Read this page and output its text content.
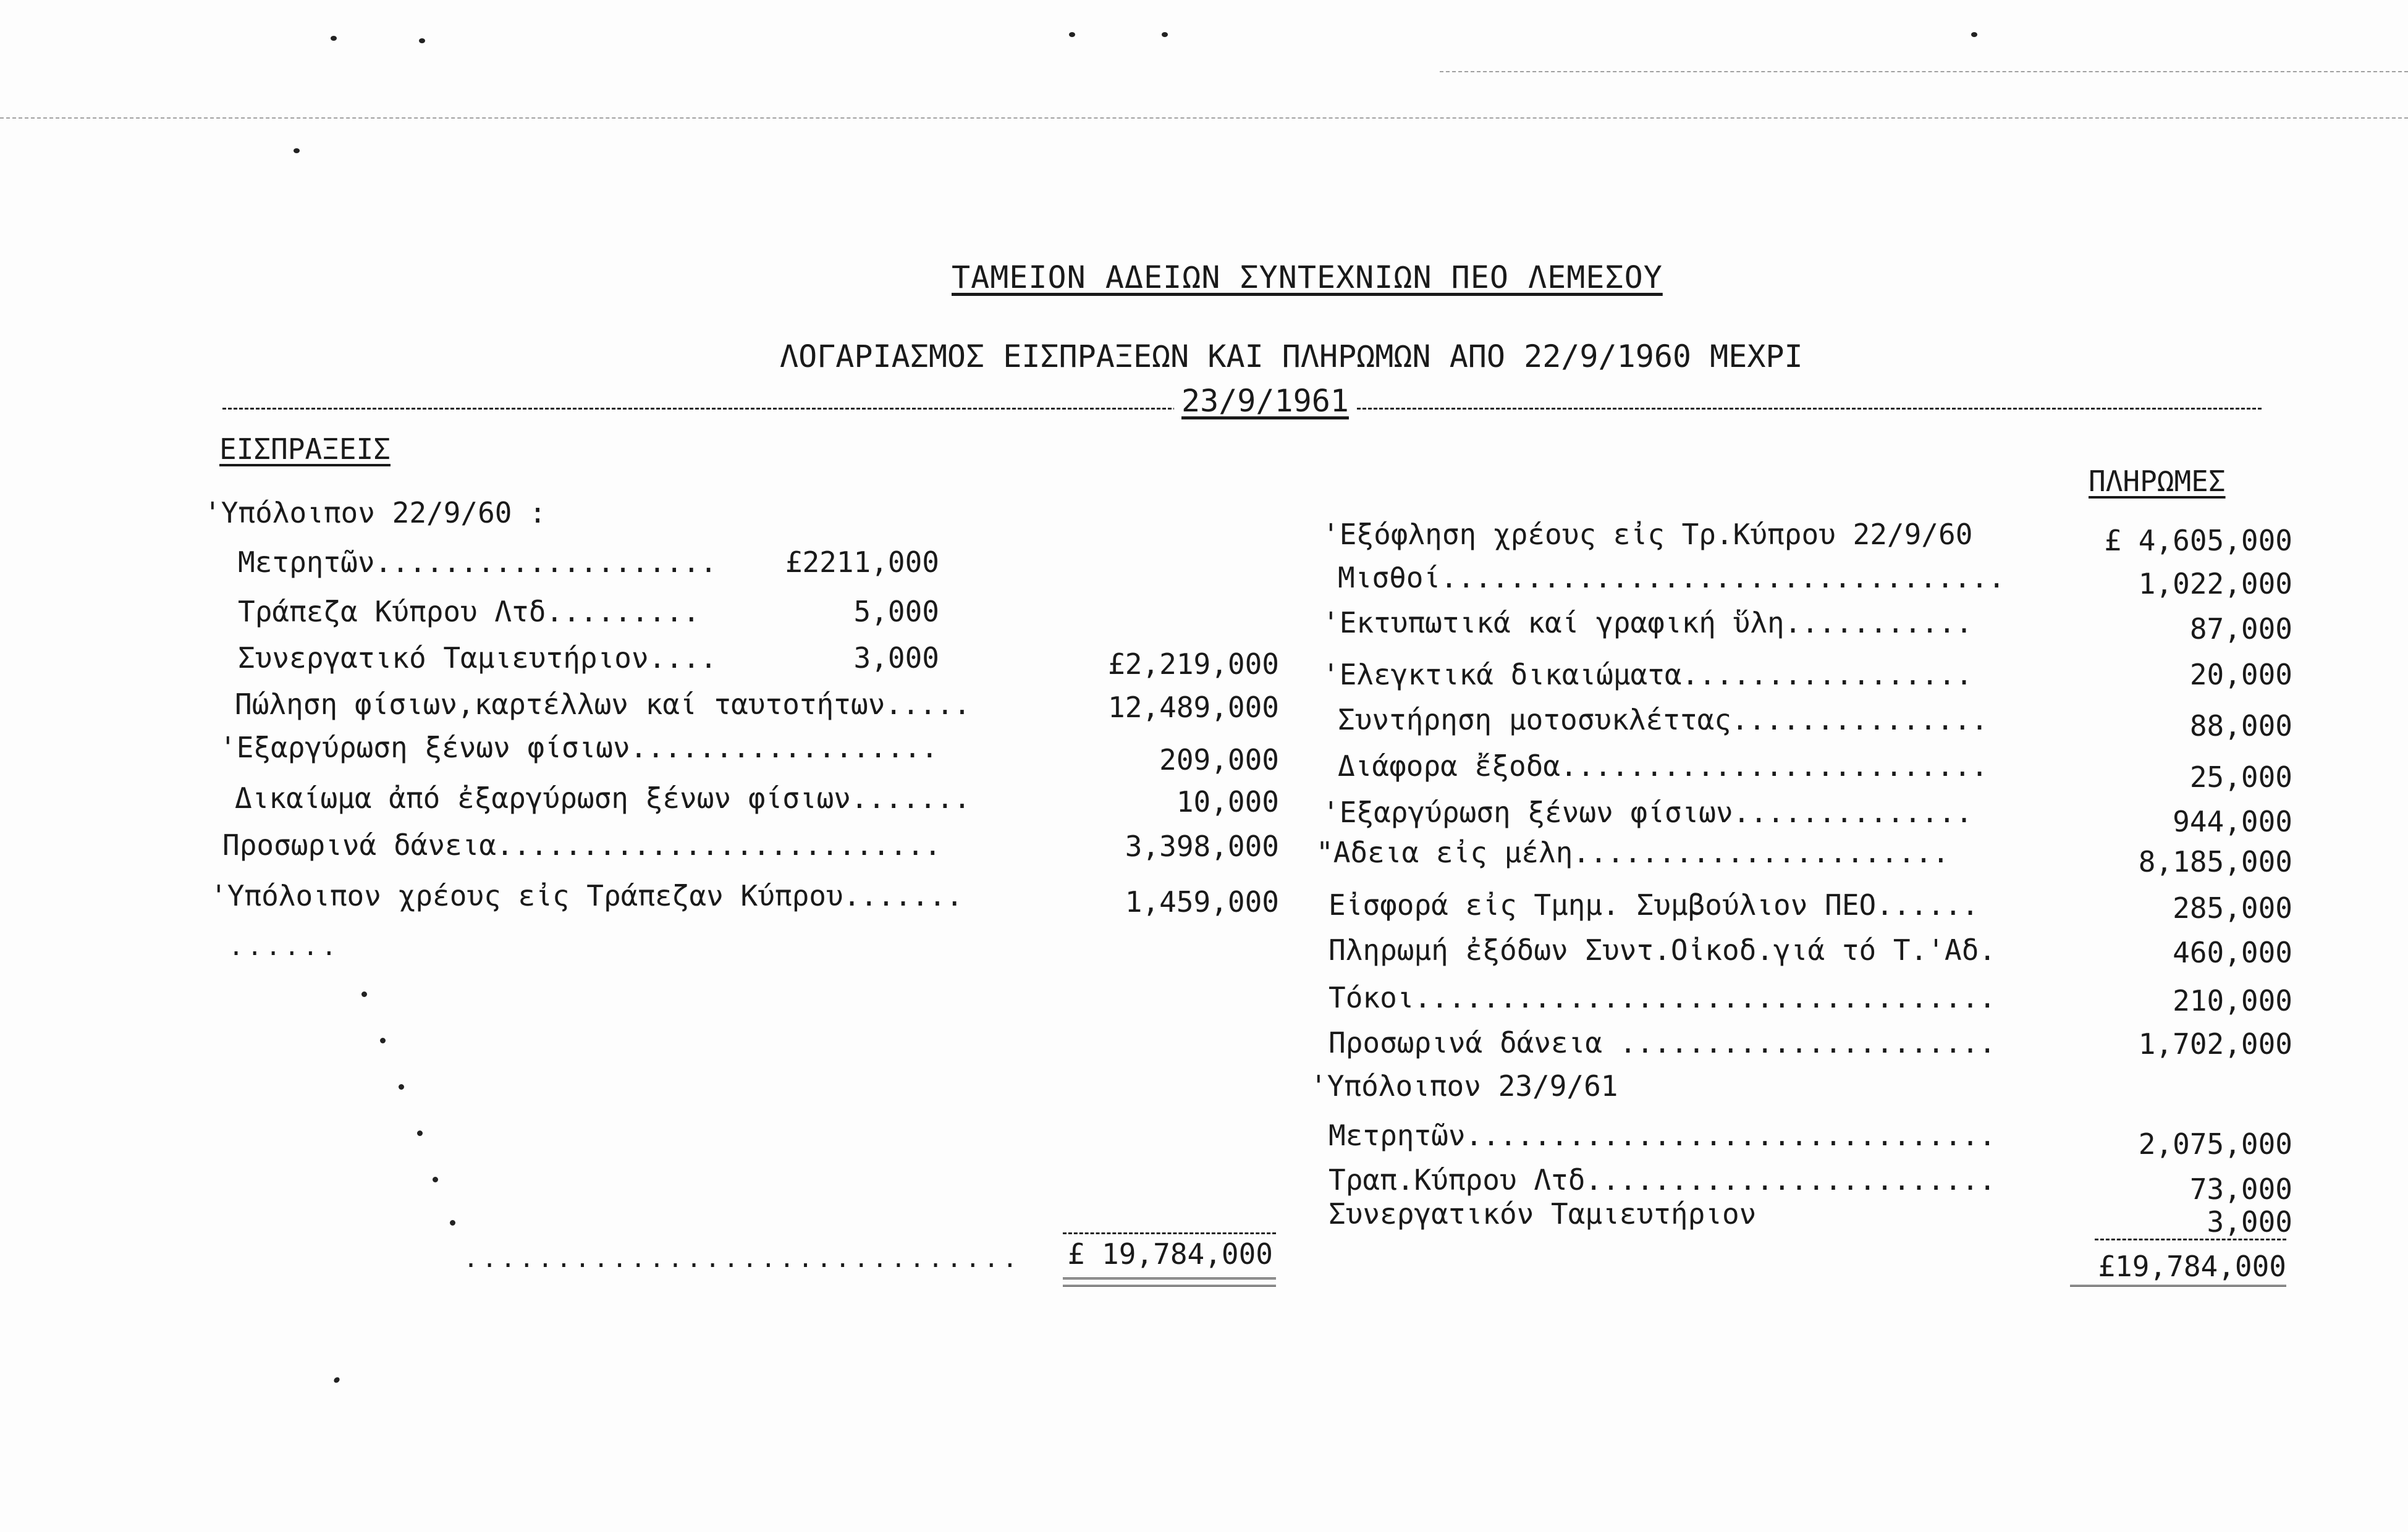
ΤΑΜΕΙΟΝ ΑΔΕΙΩΝ ΣΥΝΤΕΧΝΙΩΝ ΠΕΟ ΛΕΜΕΣΟΥ
ΛΟΓΑΡΙΑΣΜΟΣ ΕΙΣΠΡΑΞΕΩΝ ΚΑΙ ΠΛΗΡΩΜΩΝ ΑΠΟ 22/9/1960 ΜΕΧΡΙ
23/9/1961
ΕΙΣΠΡΑΞΕΙΣ
'Υπόλοιπον 22/9/60 :
Μετρητῶν....................	£2211,000
Τράπεζα Κύπρου Λτδ.........	5,000
Συνεργατικό Ταμιευτήριον....	3,000	£2,219,000
Πώληση φίσιων,καρτέλλων καί ταυτοτήτων.....	12,489,000
'Εξαργύρωση ξένων φίσιων..................	209,000
Δικαίωμα ἀπό ἐξαργύρωση ξένων φίσιων.......	10,000
Προσωρινά δάνεια..........................	3,398,000
'Υπόλοιπον χρέους εἰς Τράπεζαν Κύπρου.......	1,459,000
......
..............................	£ 19,784,000
ΠΛΗΡΩΜΕΣ
'Εξόφληση χρέους εἰς Τρ.Κύπρου 22/9/60	£ 4,605,000
Μισθοί.................................	1,022,000
'Εκτυπωτικά καί γραφική ὕλη...........	87,000
'Ελεγκτικά δικαιώματα.................	20,000
Συντήρηση μοτοσυκλέττας...............	88,000
Διάφορα ἔξοδα.........................	25,000
'Εξαργύρωση ξένων φίσιων..............	944,000
"Αδεια εἰς μέλη......................	8,185,000
Εἰσφορά εἰς Τμημ. Συμβούλιον ΠΕΟ......	285,000
Πληρωμή ἐξόδων Συντ.Οἰκοδ.γιά τό Τ.'Αδ.	460,000
Τόκοι..................................	210,000
Προσωρινά δάνεια ......................	1,702,000
'Υπόλοιπον 23/9/61
Μετρητῶν...............................	2,075,000
Τραπ.Κύπρου Λτδ........................	73,000
Συνεργατικόν Ταμιευτήριον	3,000
£19,784,000
